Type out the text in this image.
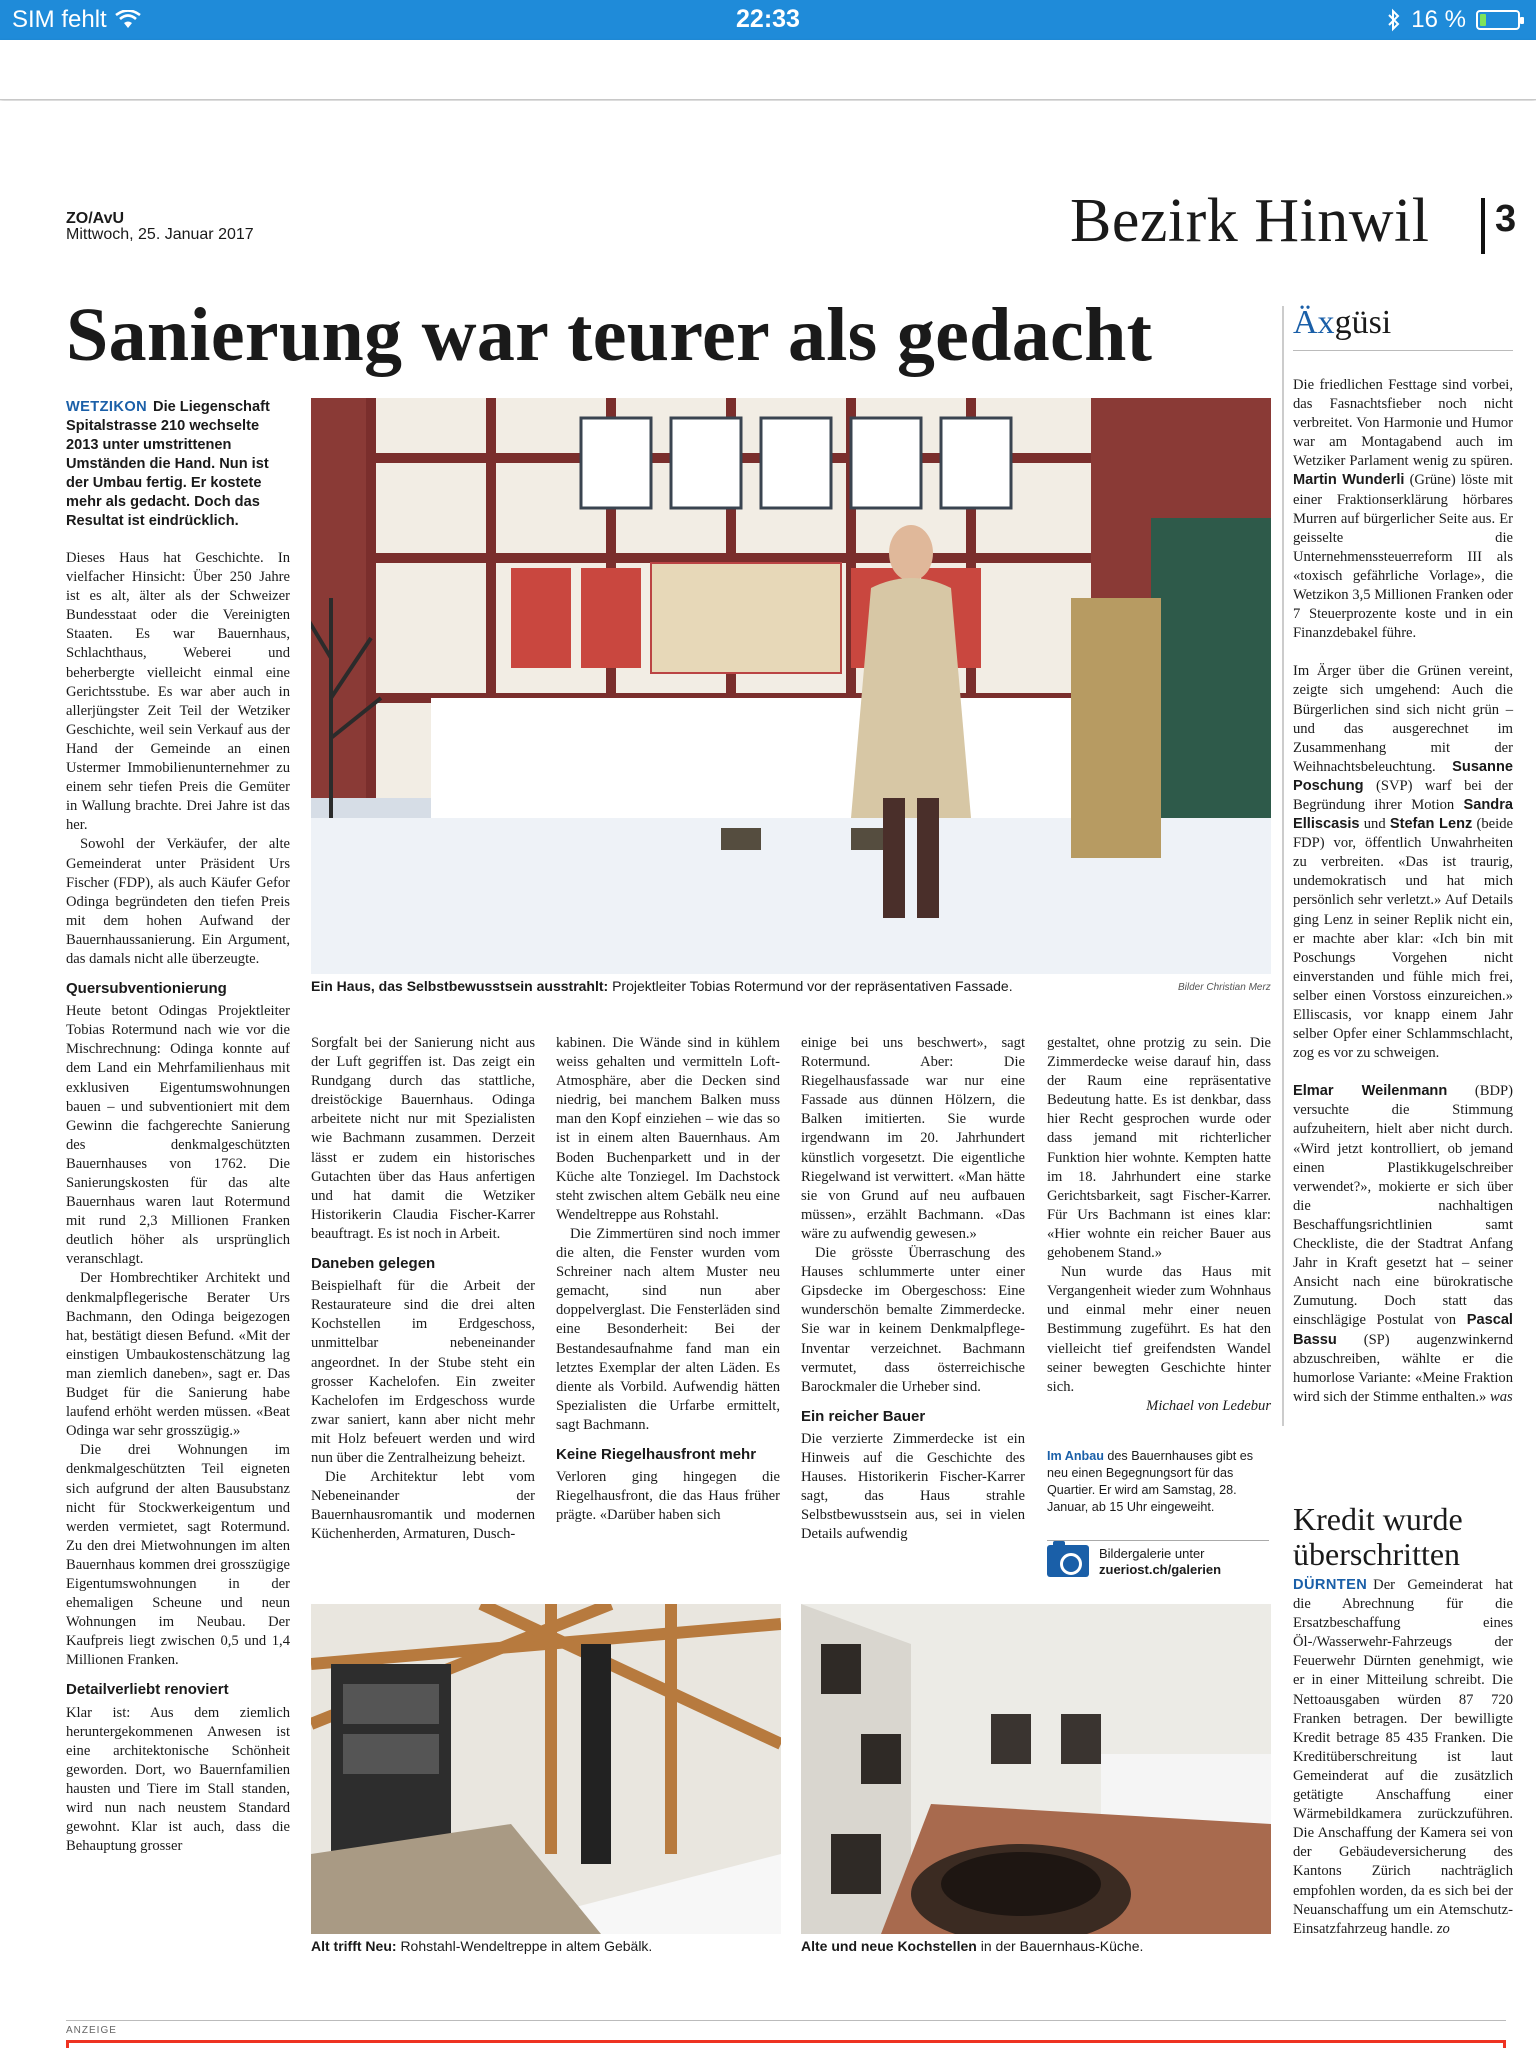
SIM fehlt	22:33	16 %
ZO/AvU
Mittwoch, 25. Januar 2017	Bezirk Hinwil 3
Sanierung war teurer als gedacht
WETZIKON Die Liegenschaft Spitalstrasse 210 wechselte 2013 unter umstrittenen Umständen die Hand. Nun ist der Umbau fertig. Er kostete mehr als gedacht. Doch das Resultat ist eindrücklich.

Dieses Haus hat Geschichte. In vielfacher Hinsicht: Über 250 Jahre ist es alt, älter als der Schweizer Bundesstaat oder die Vereinigten Staaten. Es war Bauernhaus, Schlachthaus, Weberei und beherbergte vielleicht einmal eine Gerichtsstube. Es war aber auch in allerjüngster Zeit Teil der Wetziker Geschichte, weil sein Verkauf aus der Hand der Gemeinde an einen Ustermer Immobilienunternehmer zu einem sehr tiefen Preis die Gemüter in Wallung brachte. Drei Jahre ist das her.

Sowohl der Verkäufer, der alte Gemeinderat unter Präsident Urs Fischer (FDP), als auch Käufer Gefor Odinga begründeten den tiefen Preis mit dem hohen Aufwand der Bauernhaussanierung. Ein Argument, das damals nicht alle überzeugte.

Quersubventionierung

Heute betont Odingas Projektleiter Tobias Rotermund nach wie vor die Mischrechnung: Odinga konnte auf dem Land ein Mehrfamilienhaus mit exklusiven Eigentumswohnungen bauen – und subventioniert mit dem Gewinn die fachgerechte Sanierung des denkmalgeschützten Bauernhauses von 1762. Die Sanierungskosten für das alte Bauernhaus waren laut Rotermund mit rund 2,3 Millionen Franken deutlich höher als ursprünglich veranschlagt.

Der Hombrechtiker Architekt und denkmalpflegerische Berater Urs Bachmann, den Odinga beigezogen hat, bestätigt diesen Befund. «Mit der einstigen Umbaukostenschätzung lag man ziemlich daneben», sagt er. Das Budget für die Sanierung habe laufend erhöht werden müssen. «Beat Odinga war sehr grosszügig.»

Die drei Wohnungen im denkmalgeschützten Teil eigneten sich aufgrund der alten Bausubstanz nicht für Stockwerkeigentum und werden vermietet, sagt Rotermund. Zu den drei Mietwohnungen im alten Bauernhaus kommen drei grosszügige Eigentumswohnungen in der ehemaligen Scheune und neun Wohnungen im Neubau. Der Kaufpreis liegt zwischen 0,5 und 1,4 Millionen Franken.

Detailverliebt renoviert

Klar ist: Aus dem ziemlich heruntergekommenen Anwesen ist eine architektonische Schönheit geworden. Dort, wo Bauernfamilien hausten und Tiere im Stall standen, wird nun nach neustem Standard gewohnt. Klar ist auch, dass die Behauptung grosser

Ein Haus, das Selbstbewusstsein ausstrahlt: Projektleiter Tobias Rotermund vor der repräsentativen Fassade.	Bilder Christian Merz

Sorgfalt bei der Sanierung nicht aus der Luft gegriffen ist. Das zeigt ein Rundgang durch das stattliche, dreistöckige Bauernhaus. Odinga arbeitete nicht nur mit Spezialisten wie Bachmann zusammen. Derzeit lässt er zudem ein historisches Gutachten über das Haus anfertigen und hat damit die Wetziker Historikerin Claudia Fischer-Karrer beauftragt. Es ist noch in Arbeit.

Daneben gelegen

Beispielhaft für die Arbeit der Restaurateure sind die drei alten Kochstellen im Erdgeschoss, unmittelbar nebeneinander angeordnet. In der Stube steht ein grosser Kachelofen. Ein zweiter Kachelofen im Erdgeschoss wurde zwar saniert, kann aber nicht mehr mit Holz befeuert werden und wird nun über die Zentralheizung beheizt.

Die Architektur lebt vom Nebeneinander der Bauernhausromantik und modernen Küchenherden, Armaturen, Dusch-

kabinen. Die Wände sind in kühlem weiss gehalten und vermitteln Loft-Atmosphäre, aber die Decken sind niedrig, bei manchem Balken muss man den Kopf einziehen – wie das so ist in einem alten Bauernhaus. Am Boden Buchenparkett und in der Küche alte Tonziegel. Im Dachstock steht zwischen altem Gebälk neu eine Wendeltreppe aus Rohstahl.

Die Zimmertüren sind noch immer die alten, die Fenster wurden vom Schreiner nach altem Muster neu gemacht, sind nun aber doppelverglast. Die Fensterläden sind eine Besonderheit: Bei der Bestandesaufnahme fand man ein letztes Exemplar der alten Läden. Es diente als Vorbild. Aufwendig hätten Spezialisten die Urfarbe ermittelt, sagt Bachmann.

Keine Riegelhausfront mehr

Verloren ging hingegen die Riegelhausfront, die das Haus früher prägte. «Darüber haben sich

einige bei uns beschwert», sagt Rotermund. Aber: Die Riegelhausfassade war nur eine Fassade aus dünnen Hölzern, die Balken imitierten. Sie wurde irgendwann im 20. Jahrhundert künstlich vorgesetzt. Die eigentliche Riegelwand ist verwittert. «Man hätte sie von Grund auf neu aufbauen müssen», erzählt Bachmann. «Das wäre zu aufwendig gewesen.»

Die grösste Überraschung des Hauses schlummerte unter einer Gipsdecke im Obergeschoss: Eine wunderschön bemalte Zimmerdecke. Sie war in keinem Denkmalpflege-Inventar verzeichnet. Bachmann vermutet, dass österreichische Barockmaler die Urheber sind.

Ein reicher Bauer

Die verzierte Zimmerdecke ist ein Hinweis auf die Geschichte des Hauses. Historikerin Fischer-Karrer sagt, das Haus strahle Selbstbewusstsein aus, sei in vielen Details aufwendig

gestaltet, ohne protzig zu sein. Die Zimmerdecke weise darauf hin, dass der Raum eine repräsentative Bedeutung hatte. Es ist denkbar, dass hier Recht gesprochen wurde oder dass jemand mit richterlicher Funktion hier wohnte. Kempten hatte im 18. Jahrhundert eine starke Gerichtsbarkeit, sagt Fischer-Karrer. Für Urs Bachmann ist eines klar: «Hier wohnte ein reicher Bauer aus gehobenem Stand.»

Nun wurde das Haus mit Vergangenheit wieder zum Wohnhaus und einmal mehr einer neuen Bestimmung zugeführt. Es hat den vielleicht tief greifendsten Wandel seiner bewegten Geschichte hinter sich.

Michael von Ledebur

Im Anbau des Bauernhauses gibt es neu einen Begegnungsort für das Quartier. Er wird am Samstag, 28. Januar, ab 15 Uhr eingeweiht.
Bildergalerie unter
zueriost.ch/galerien
Alt trifft Neu: Rohstahl-Wendeltreppe in altem Gebälk.	Alte und neue Kochstellen in der Bauernhaus-Küche.
Äxgüsi

Die friedlichen Festtage sind vorbei, das Fasnachtsfieber noch nicht verbreitet. Von Harmonie und Humor war am Montagabend auch im Wetziker Parlament wenig zu spüren. Martin Wunderli (Grüne) löste mit einer Fraktionserklärung hörbares Murren auf bürgerlicher Seite aus. Er geisselte die Unternehmenssteuerreform III als «toxisch gefährliche Vorlage», die Wetzikon 3,5 Millionen Franken oder 7 Steuerprozente koste und in ein Finanzdebakel führe.

Im Ärger über die Grünen vereint, zeigte sich umgehend: Auch die Bürgerlichen sind sich nicht grün – und das ausgerechnet im Zusammenhang mit der Weihnachtsbeleuchtung. Susanne Poschung (SVP) warf bei der Begründung ihrer Motion Sandra Elliscasis und Stefan Lenz (beide FDP) vor, öffentlich Unwahrheiten zu verbreiten. «Das ist traurig, undemokratisch und hat mich persönlich sehr verletzt.» Auf Details ging Lenz in seiner Replik nicht ein, er machte aber klar: «Ich bin mit Poschungs Vorgehen nicht einverstanden und fühle mich frei, selber einen Vorstoss einzureichen.» Elliscasis, vor knapp einem Jahr selber Opfer einer Schlammschlacht, zog es vor zu schweigen.

Elmar Weilenmann (BDP) versuchte die Stimmung aufzuheitern, hielt aber nicht durch. «Wird jetzt kontrolliert, ob jemand einen Plastikkugelschreiber verwendet?», mokierte er sich über die nachhaltigen Beschaffungsrichtlinien samt Checkliste, die der Stadtrat Anfang Jahr in Kraft gesetzt hat – seiner Ansicht nach eine bürokratische Zumutung. Doch statt das einschlägige Postulat von Pascal Bassu (SP) augenzwinkernd abzuschreiben, wählte er die humorlose Variante: «Meine Fraktion wird sich der Stimme enthalten.» was

Kredit wurde überschritten

DÜRNTEN Der Gemeinderat hat die Abrechnung für die Ersatzbeschaffung eines Öl-/Wasserwehr-Fahrzeugs der Feuerwehr Dürnten genehmigt, wie er in einer Mitteilung schreibt. Die Nettoausgaben würden 87 720 Franken betragen. Der bewilligte Kredit betrage 85 435 Franken. Die Kreditüberschreitung ist laut Gemeinderat auf die zusätzlich getätigte Anschaffung einer Wärmebildkamera zurückzuführen. Die Anschaffung der Kamera sei von der Gebäudeversicherung des Kantons Zürich nachträglich empfohlen worden, da es sich bei der Neuanschaffung um ein Atemschutz-Einsatzfahrzeug handle. zo

ANZEIGE
